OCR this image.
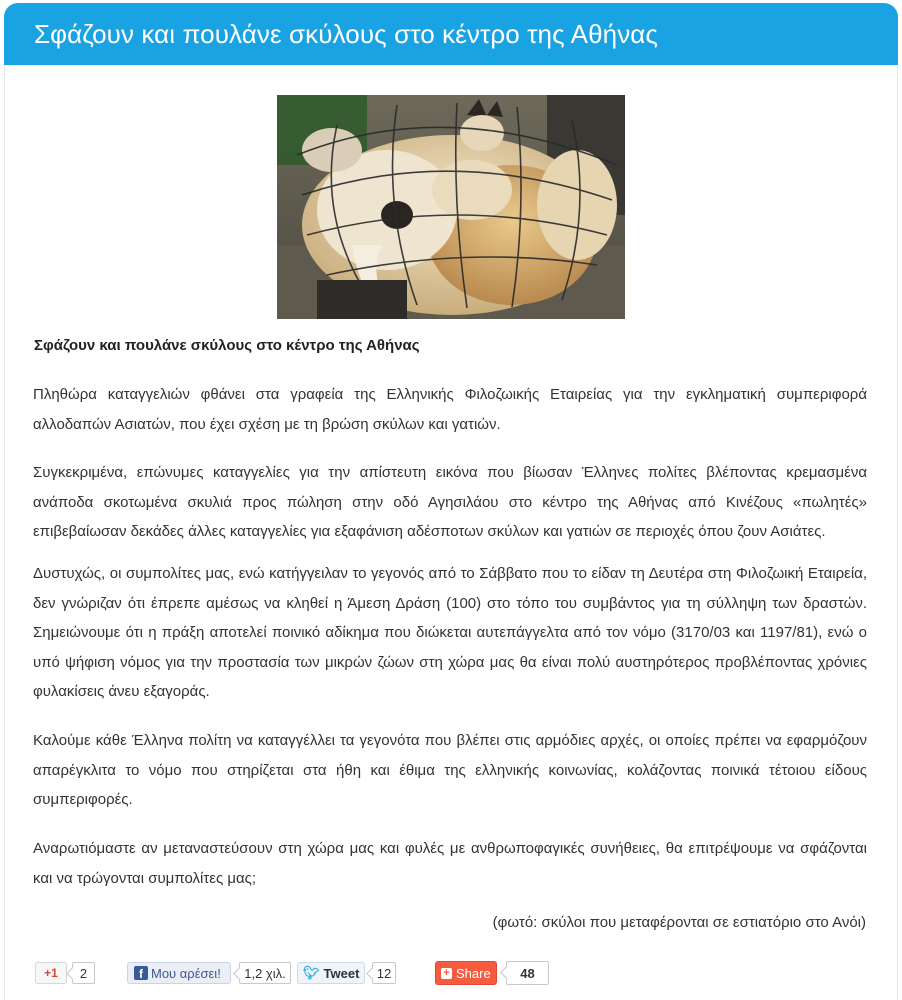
Σφάζουν και πουλάνε σκύλους στο κέντρο της Αθήνας

Σφάζουν και πουλάνε σκύλους στο κέντρο της Αθήνας

Πληθώρα καταγγελιών φθάνει στα γραφεία της Ελληνικής Φιλοζωικής Εταιρείας για την εγκληματική συμπεριφορά αλλοδαπών Ασιατών, που έχει σχέση με τη βρώση σκύλων και γατιών.

Συγκεκριμένα, επώνυμες καταγγελίες για την απίστευτη εικόνα που βίωσαν Έλληνες πολίτες βλέποντας κρεμασμένα ανάποδα σκοτωμένα σκυλιά προς πώληση στην οδό Αγησιλάου στο κέντρο της Αθήνας από Κινέζους «πωλητές» επιβεβαίωσαν δεκάδες άλλες καταγγελίες για εξαφάνιση αδέσποτων σκύλων και γατιών σε περιοχές όπου ζουν Ασιάτες.

Δυστυχώς, οι συμπολίτες μας, ενώ κατήγγειλαν το γεγονός από το Σάββατο που το είδαν τη Δευτέρα στη Φιλοζωική Εταιρεία, δεν γνώριζαν ότι έπρεπε αμέσως να κληθεί η Άμεση Δράση (100) στο τόπο του συμβάντος για τη σύλληψη των δραστών. Σημειώνουμε ότι η πράξη αποτελεί ποινικό αδίκημα που διώκεται αυτεπάγγελτα από τον νόμο (3170/03 και 1197/81), ενώ ο υπό ψήφιση νόμος για την προστασία των μικρών ζώων στη χώρα μας θα είναι πολύ αυστηρότερος προβλέποντας χρόνιες φυλακίσεις άνευ εξαγοράς.

Καλούμε κάθε Έλληνα πολίτη να καταγγέλλει τα γεγονότα που βλέπει στις αρμόδιες αρχές, οι οποίες πρέπει να εφαρμόζουν απαρέγκλιτα το νόμο που στηρίζεται στα ήθη και έθιμα της ελληνικής κοινωνίας, κολάζοντας ποινικά τέτοιου είδους συμπεριφορές.

Αναρωτιόμαστε αν μεταναστεύσουν στη χώρα μας και φυλές με ανθρωποφαγικές συνήθειες, θα επιτρέψουμε να σφάζονται και να τρώγονται συμπολίτες μας;

(φωτό: σκύλοι που μεταφέρονται σε εστιατόριο στο Ανόι)

+1	2	f Μου αρέσει!	1,2 χιλ.	🐦︎ Tweet	12	+ Share	48
